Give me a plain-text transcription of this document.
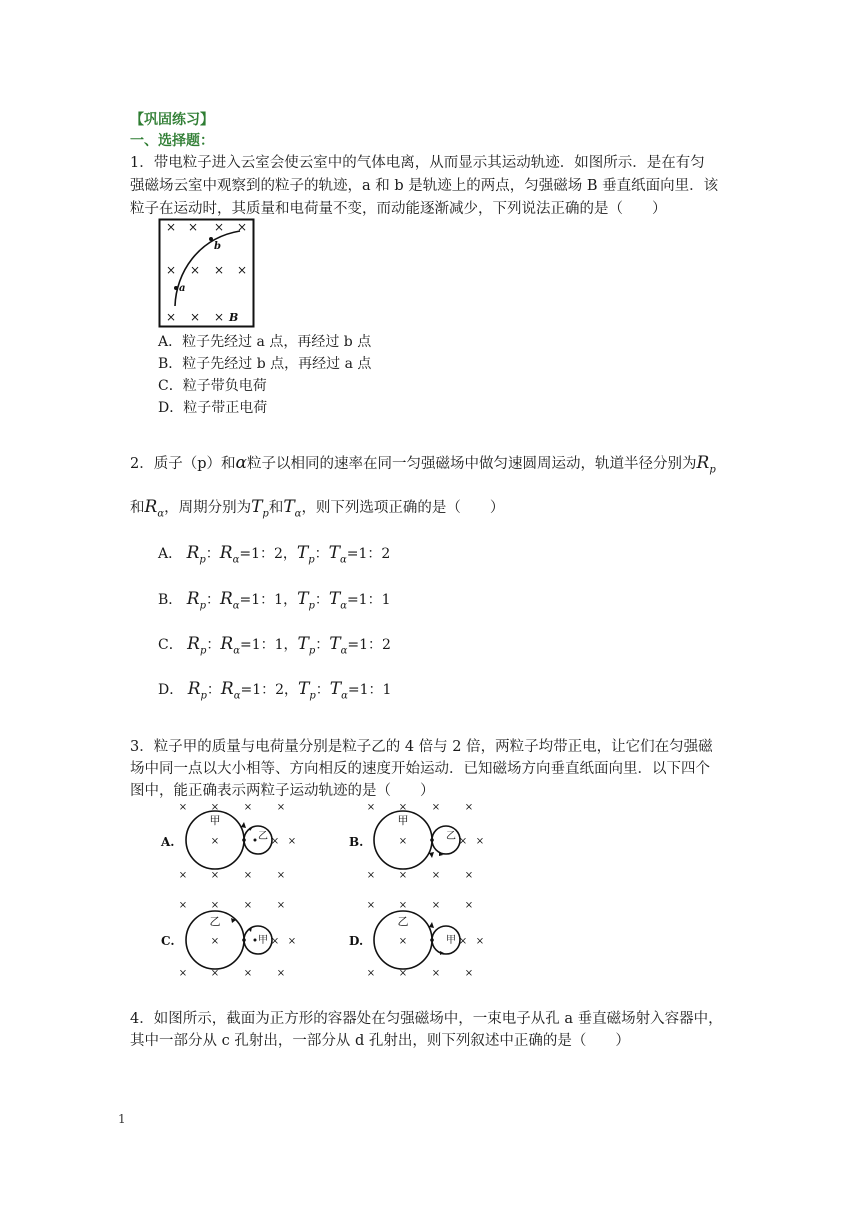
【巩固练习】
一、选择题：
1．带电粒子进入云室会使云室中的气体电离，从而显示其运动轨迹．如图所示．是在有匀
强磁场云室中观察到的粒子的轨迹，a 和 b 是轨迹上的两点，匀强磁场 B 垂直纸面向里．该
粒子在运动时，其质量和电荷量不变，而动能逐渐减少，下列说法正确的是（　　）
× × × ×
× × × ×
× × ×
a
b
B
A．粒子先经过 a 点，再经过 b 点
B．粒子先经过 b 点，再经过 a 点
C．粒子带负电荷
D．粒子带正电荷
2．质子（p）和α粒子以相同的速率在同一匀强磁场中做匀速圆周运动，轨道半径分别为$R_p$
和$R_\alpha$，周期分别为$T_p$和$T_\alpha$，则下列选项正确的是（　　）
A． $R_p$：$R_\alpha=1$：2，$T_p$：$T_\alpha=1$：2
B． $R_p$：$R_\alpha=1$：1，$T_p$：$T_\alpha=1$：1
C． $R_p$：$R_\alpha=1$：1，$T_p$：$T_\alpha=1$：2
D． $R_p$：$R_\alpha=1$：2，$T_p$：$T_\alpha=1$：1
3．粒子甲的质量与电荷量分别是粒子乙的 4 倍与 2 倍，两粒子均带正电，让它们在匀强磁
场中同一点以大小相等、方向相反的速度开始运动．已知磁场方向垂直纸面向里．以下四个
图中，能正确表示两粒子运动轨迹的是（　　）
× × × ×
× × × ×
×	× ×
A.
甲
乙
× × × ×
× × × ×
×	× ×
B.
甲
乙
× × × ×
× × × ×
×	× ×
C.
乙
甲
× × × ×
× × × ×
×	× ×
D.
乙
甲
4．如图所示，截面为正方形的容器处在匀强磁场中，一束电子从孔 a 垂直磁场射入容器中，
其中一部分从 c 孔射出，一部分从 d 孔射出，则下列叙述中正确的是（　　）
1
